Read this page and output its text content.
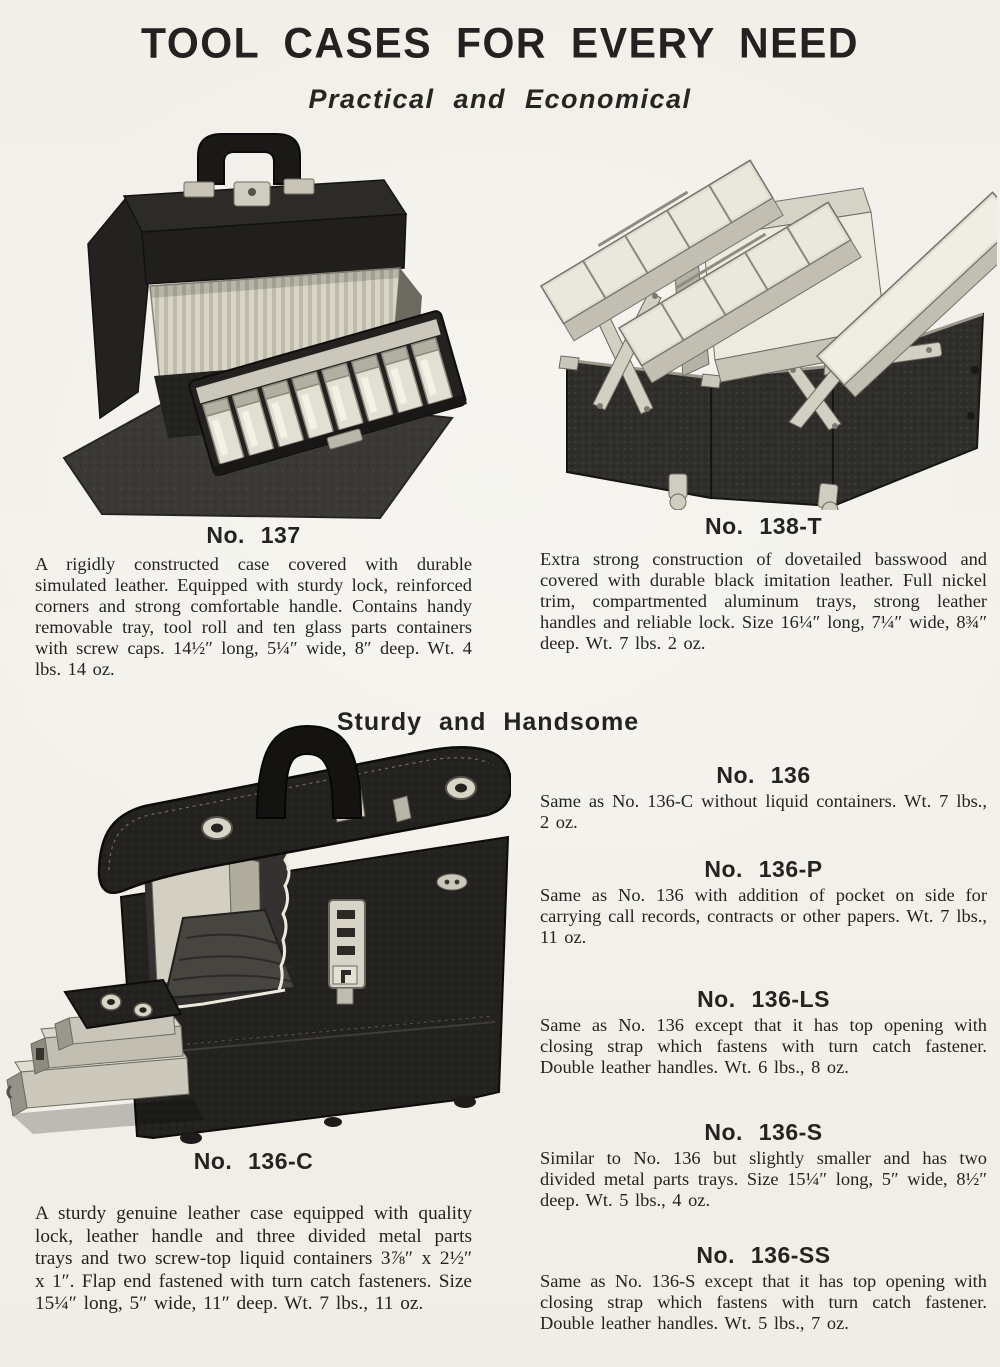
TOOL CASES FOR EVERY NEED
Practical and Economical
No. 137
A rigidly constructed case covered with durable simulated leather. Equipped with sturdy lock, reinforced corners and strong comfortable handle. Contains handy removable tray, tool roll and ten glass parts containers with screw caps. 14½″ long, 5¼″ wide, 8″ deep. Wt. 4 lbs. 14 oz.
No. 138-T
Extra strong construction of dovetailed basswood and covered with durable black imitation leather. Full nickel trim, compartmented aluminum trays, strong leather handles and reliable lock. Size 16¼″ long, 7¼″ wide, 8¾″ deep. Wt. 7 lbs. 2 oz.
Sturdy and Handsome
No. 136-C
A sturdy genuine leather case equipped with quality lock, leather handle and three divided metal parts trays and two screw-top liquid containers 3⅞″ x 2½″ x 1″. Flap end fastened with turn catch fasteners. Size 15¼″ long, 5″ wide, 11″ deep. Wt. 7 lbs., 11 oz.
No. 136
Same as No. 136-C without liquid containers. Wt. 7 lbs., 2 oz.
No. 136-P
Same as No. 136 with addition of pocket on side for carrying call records, contracts or other papers. Wt. 7 lbs., 11 oz.
No. 136-LS
Same as No. 136 except that it has top opening with closing strap which fastens with turn catch fastener. Double leather handles. Wt. 6 lbs., 8 oz.
No. 136-S
Similar to No. 136 but slightly smaller and has two divided metal parts trays. Size 15¼″ long, 5″ wide, 8½″ deep. Wt. 5 lbs., 4 oz.
No. 136-SS
Same as No. 136-S except that it has top opening with closing strap which fastens with turn catch fastener. Double leather handles. Wt. 5 lbs., 7 oz.
